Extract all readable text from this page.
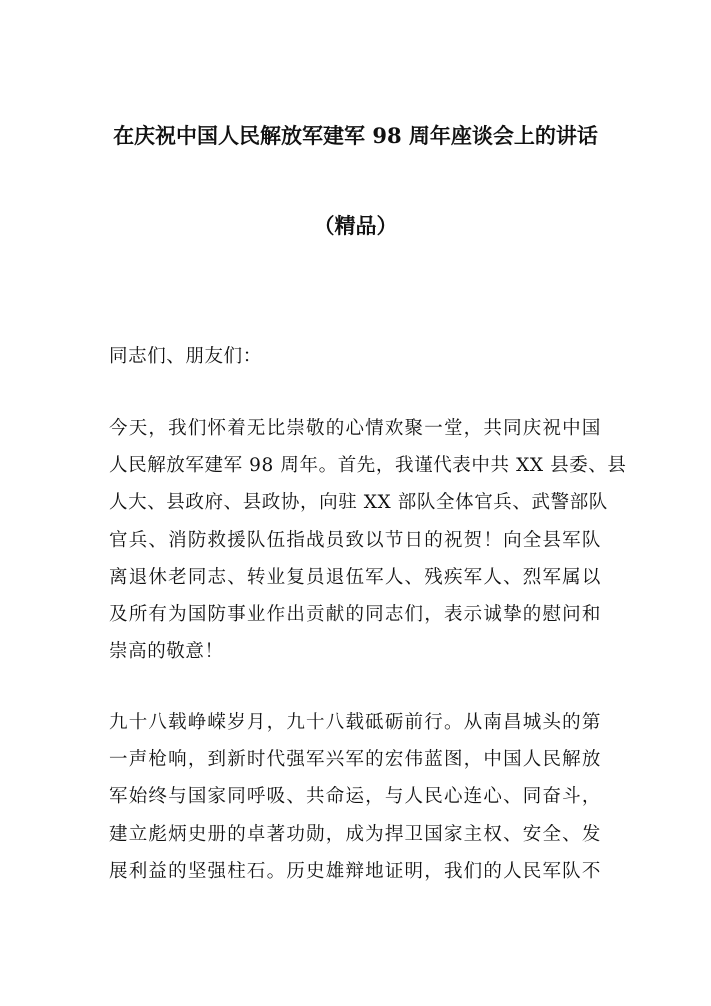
在庆祝中国人民解放军建军 98 周年座谈会上的讲话
（精品）

同志们、朋友们：

今天，我们怀着无比崇敬的心情欢聚一堂，共同庆祝中国
人民解放军建军 98 周年。首先，我谨代表中共 XX 县委、县
人大、县政府、县政协，向驻 XX 部队全体官兵、武警部队
官兵、消防救援队伍指战员致以节日的祝贺！向全县军队
离退休老同志、转业复员退伍军人、残疾军人、烈军属以
及所有为国防事业作出贡献的同志们，表示诚挚的慰问和
崇高的敬意！

九十八载峥嵘岁月，九十八载砥砺前行。从南昌城头的第
一声枪响，到新时代强军兴军的宏伟蓝图，中国人民解放
军始终与国家同呼吸、共命运，与人民心连心、同奋斗，
建立彪炳史册的卓著功勋，成为捍卫国家主权、安全、发
展利益的坚强柱石。历史雄辩地证明，我们的人民军队不
